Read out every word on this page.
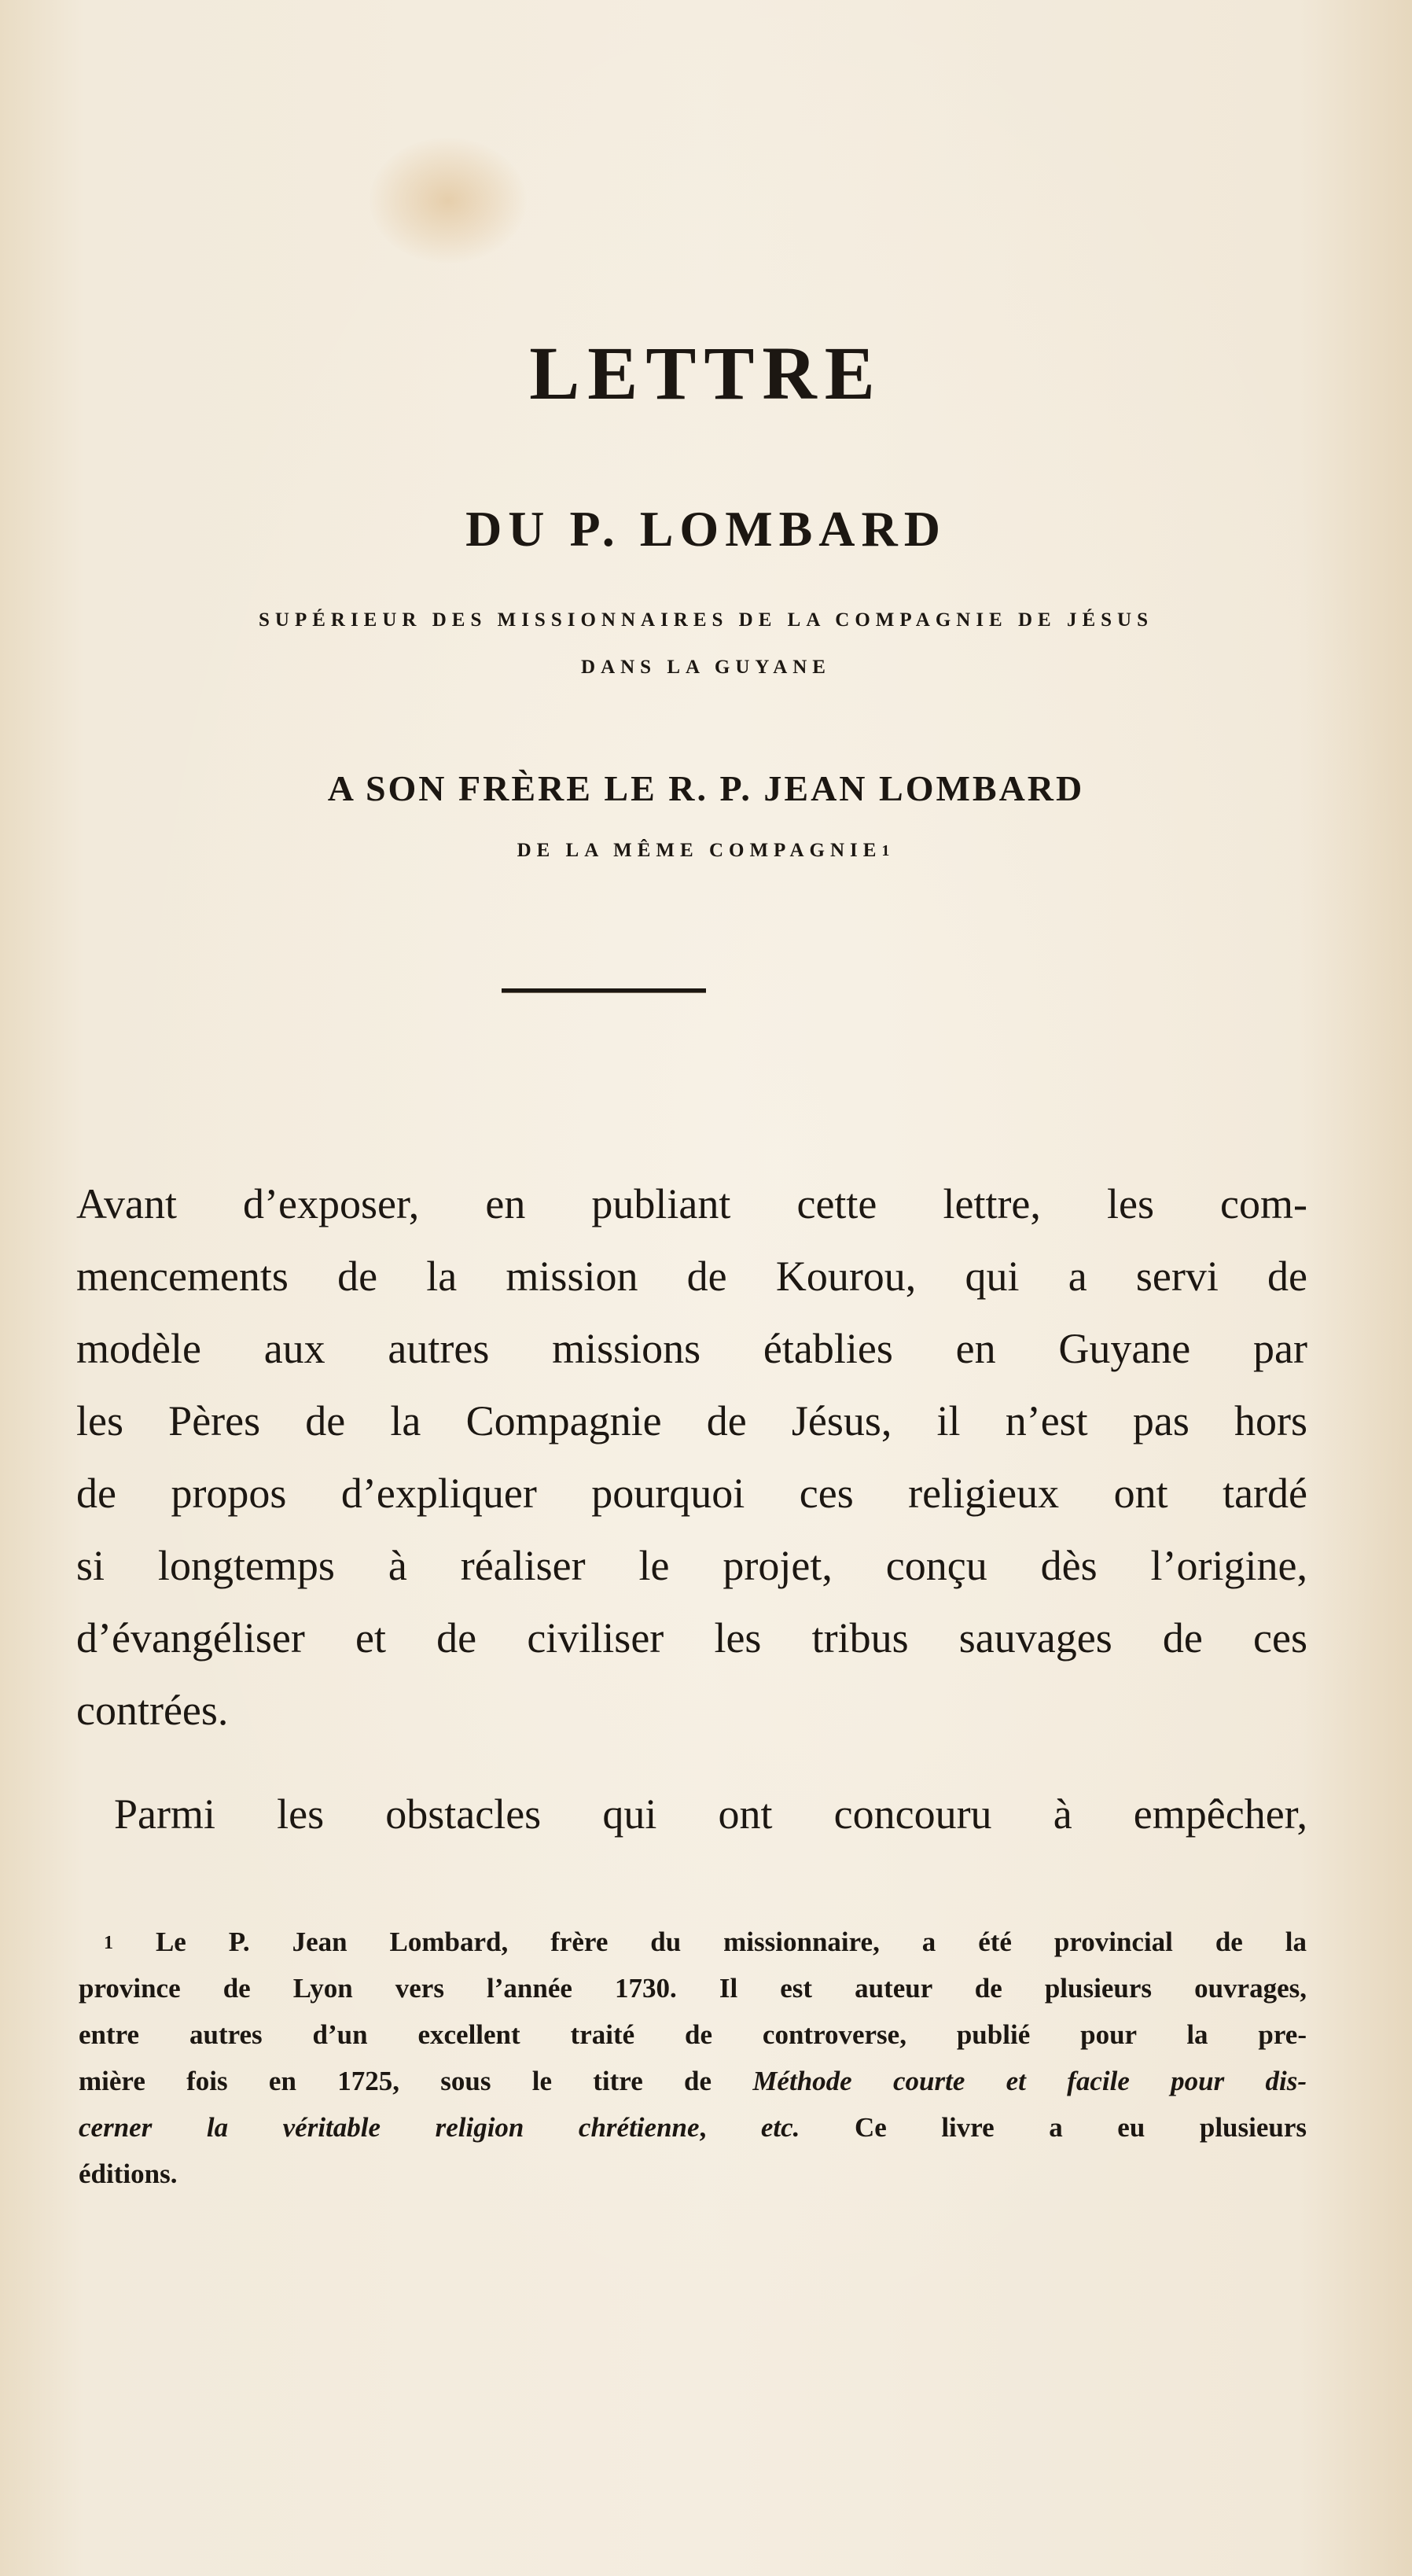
LETTRE
DU P. LOMBARD
SUPÉRIEUR DES MISSIONNAIRES DE LA COMPAGNIE DE JÉSUS
DANS LA GUYANE
A SON FRÈRE LE R. P. JEAN LOMBARD
DE LA MÊME COMPAGNIE$^1$
Avant d’exposer, en publiant cette lettre, les com-
mencements de la mission de Kourou, qui a servi de
modèle aux autres missions établies en Guyane par
les Pères de la Compagnie de Jésus, il n’est pas hors
de propos d’expliquer pourquoi ces religieux ont tardé
si longtemps à réaliser le projet, conçu dès l’origine,
d’évangéliser et de civiliser les tribus sauvages de ces
contrées.
Parmi les obstacles qui ont concouru à empêcher,
$^1$ Le P. Jean Lombard, frère du missionnaire, a été provincial de la
province de Lyon vers l’année 1730. Il est auteur de plusieurs ouvrages,
entre autres d’un excellent traité de controverse, publié pour la pre-
mière fois en 1725, sous le titre de Méthode courte et facile pour dis-
cerner la véritable religion chrétienne, etc. Ce livre a eu plusieurs
éditions.
